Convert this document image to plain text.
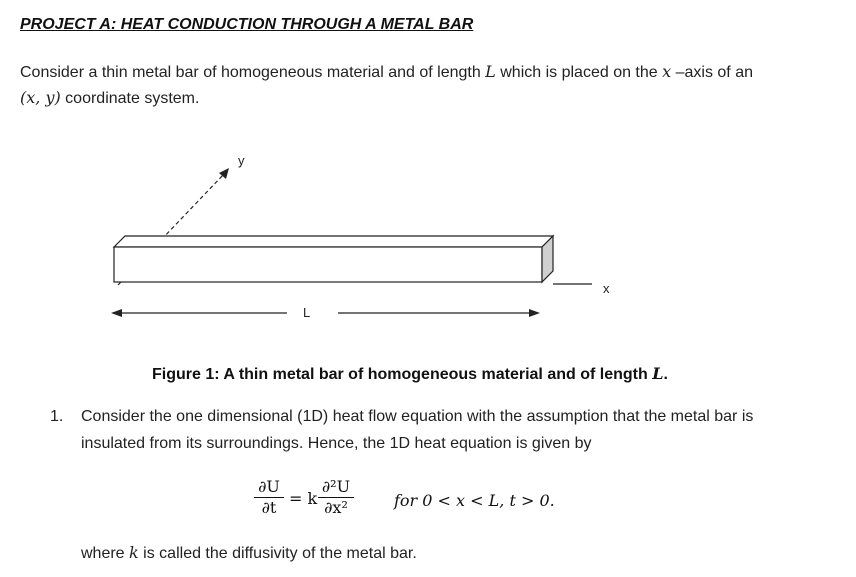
PROJECT A: HEAT CONDUCTION THROUGH A METAL BAR
Consider a thin metal bar of homogeneous material and of length L which is placed on the x –axis of an
(x, y) coordinate system.
y
x
L
Figure 1: A thin metal bar of homogeneous material and of length L.
1. Consider the one dimensional (1D) heat flow equation with the assumption that the metal bar is
insulated from its surroundings. Hence, the 1D heat equation is given by
∂U
∂t = k
∂²U
∂x²	for 0 < x < L, t > 0.
where k is called the diffusivity of the metal bar.
